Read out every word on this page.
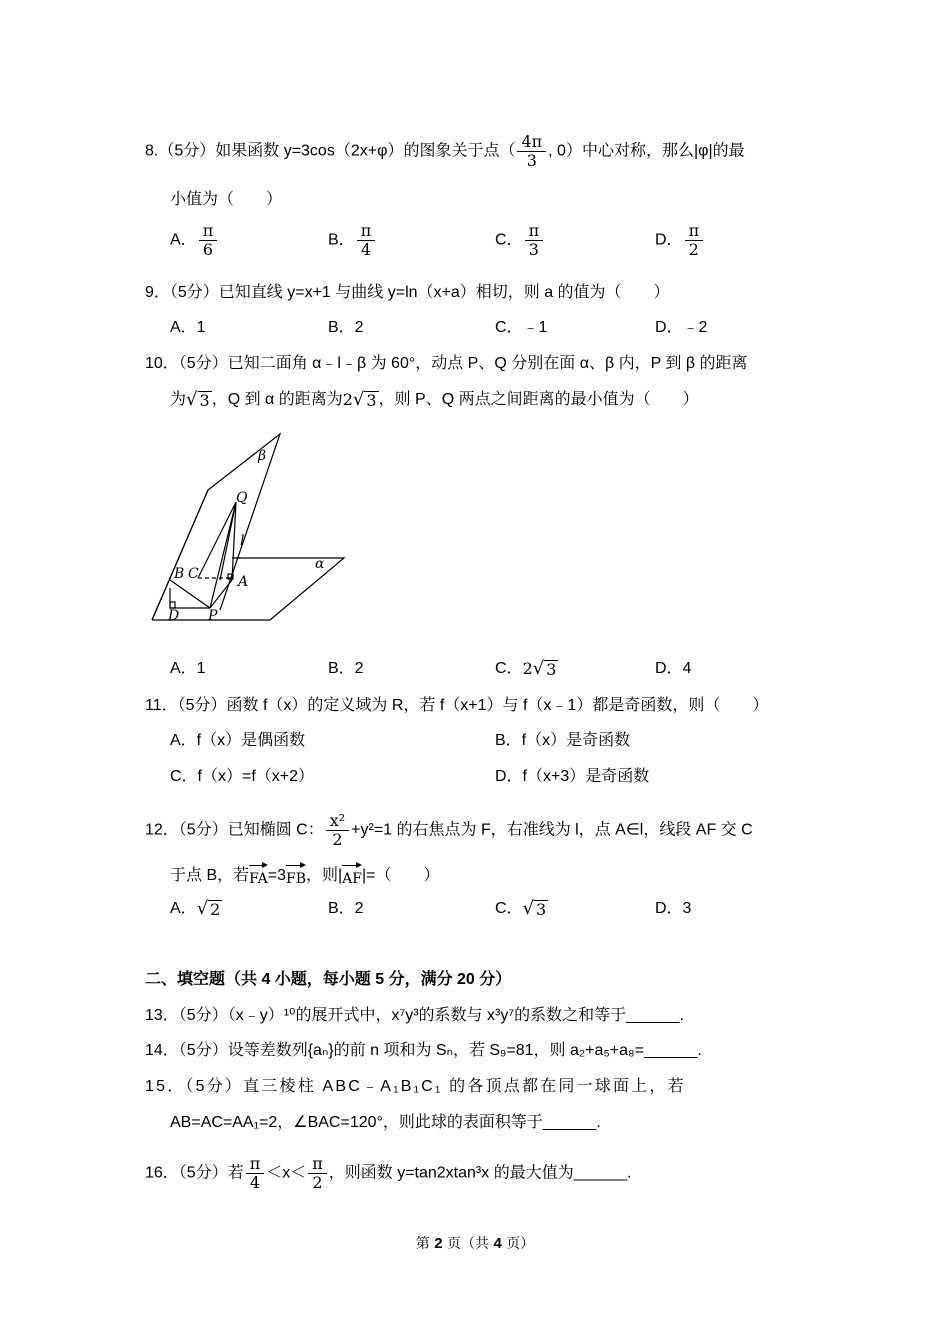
8.（5分）如果函数 y=3cos（2x+φ）的图象关于点（ $\frac{4\pi}{3}$ , 0）中心对称，那么|φ|的最
小值为（　　）
A． $\frac{\pi}{6}$	B． $\frac{\pi}{4}$	C． $\frac{\pi}{3}$	D． $\frac{\pi}{2}$
9．（5分）已知直线 y=x+1 与曲线 y=ln（x+a）相切，则 a 的值为（　　）
A．1	B．2	C．﹣1	D．﹣2
10．（5分）已知二面角 α﹣l﹣β 为 60°，动点 P、Q 分别在面 α、β 内，P 到 β 的距离
为 √ 3 ，Q 到 α 的距离为 2 √ 3 ，则 P、Q 两点之间距离的最小值为（　　）
β
α
Q
l
B C	A
D P
A．1	B．2	C． 2 √ 3	D．4
11．（5分）函数 f（x）的定义域为 R，若 f（x+1）与 f（x﹣1）都是奇函数，则（　　）
A．f（x）是偶函数	B．f（x）是奇函数
C．f（x）=f（x+2）	D．f（x+3）是奇函数
12．（5分）已知椭圆 C： $\frac{\text{x²}}{2} +y^2=1$ 的右焦点为 F，右准线为 l，点 A∈l，线段 AF 交 C
于点 B，若FA=3FB，则|AF|=（　　）
A． √ 2	B．2	C． √ 3	D．3
二、填空题（共 4 小题，每小题 5 分，满分 20 分）
13．（5分）（x﹣y）¹⁰的展开式中，x⁷y³的系数与 x³y⁷的系数之和等于______.
14．（5分）设等差数列{aₙ}的前 n 项和为 Sₙ，若 S₉=81，则 a₂+a₅+a₈=______.
15．（5分）直三棱柱 ABC﹣A₁B₁C₁ 的各顶点都在同一球面上，若
AB=AC=AA₁=2，∠BAC=120°，则此球的表面积等于______.
16．（5分）若 $\frac{\pi}{4} <x< \frac{\pi}{2}$ ，则函数 y=tan2xtan³x 的最大值为______.
第 2 页（共 4 页）
